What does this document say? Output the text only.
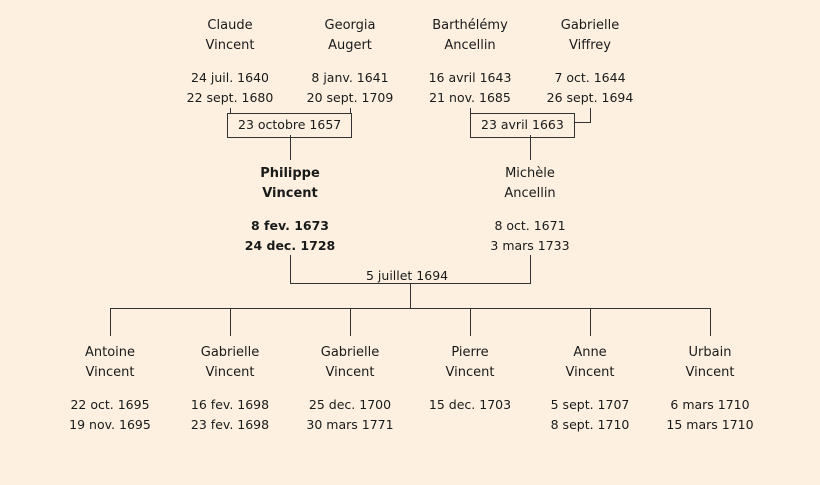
Claude
Vincent
24 juil. 1640
22 sept. 1680
Georgia
Augert
8 janv. 1641
20 sept. 1709
Barthélémy
Ancellin
16 avril 1643
21 nov. 1685
Gabrielle
Viffrey
7 oct. 1644
26 sept. 1694
23 octobre 1657	23 avril 1663
Philippe
Vincent
8 fev. 1673
24 dec. 1728
Michèle
Ancellin
8 oct. 1671
3 mars 1733
5 juillet 1694
Antoine
Vincent
22 oct. 1695
19 nov. 1695
Gabrielle
Vincent
16 fev. 1698
23 fev. 1698
Gabrielle
Vincent
25 dec. 1700
30 mars 1771
Pierre
Vincent
15 dec. 1703
Anne
Vincent
5 sept. 1707
8 sept. 1710
Urbain
Vincent
6 mars 1710
15 mars 1710
